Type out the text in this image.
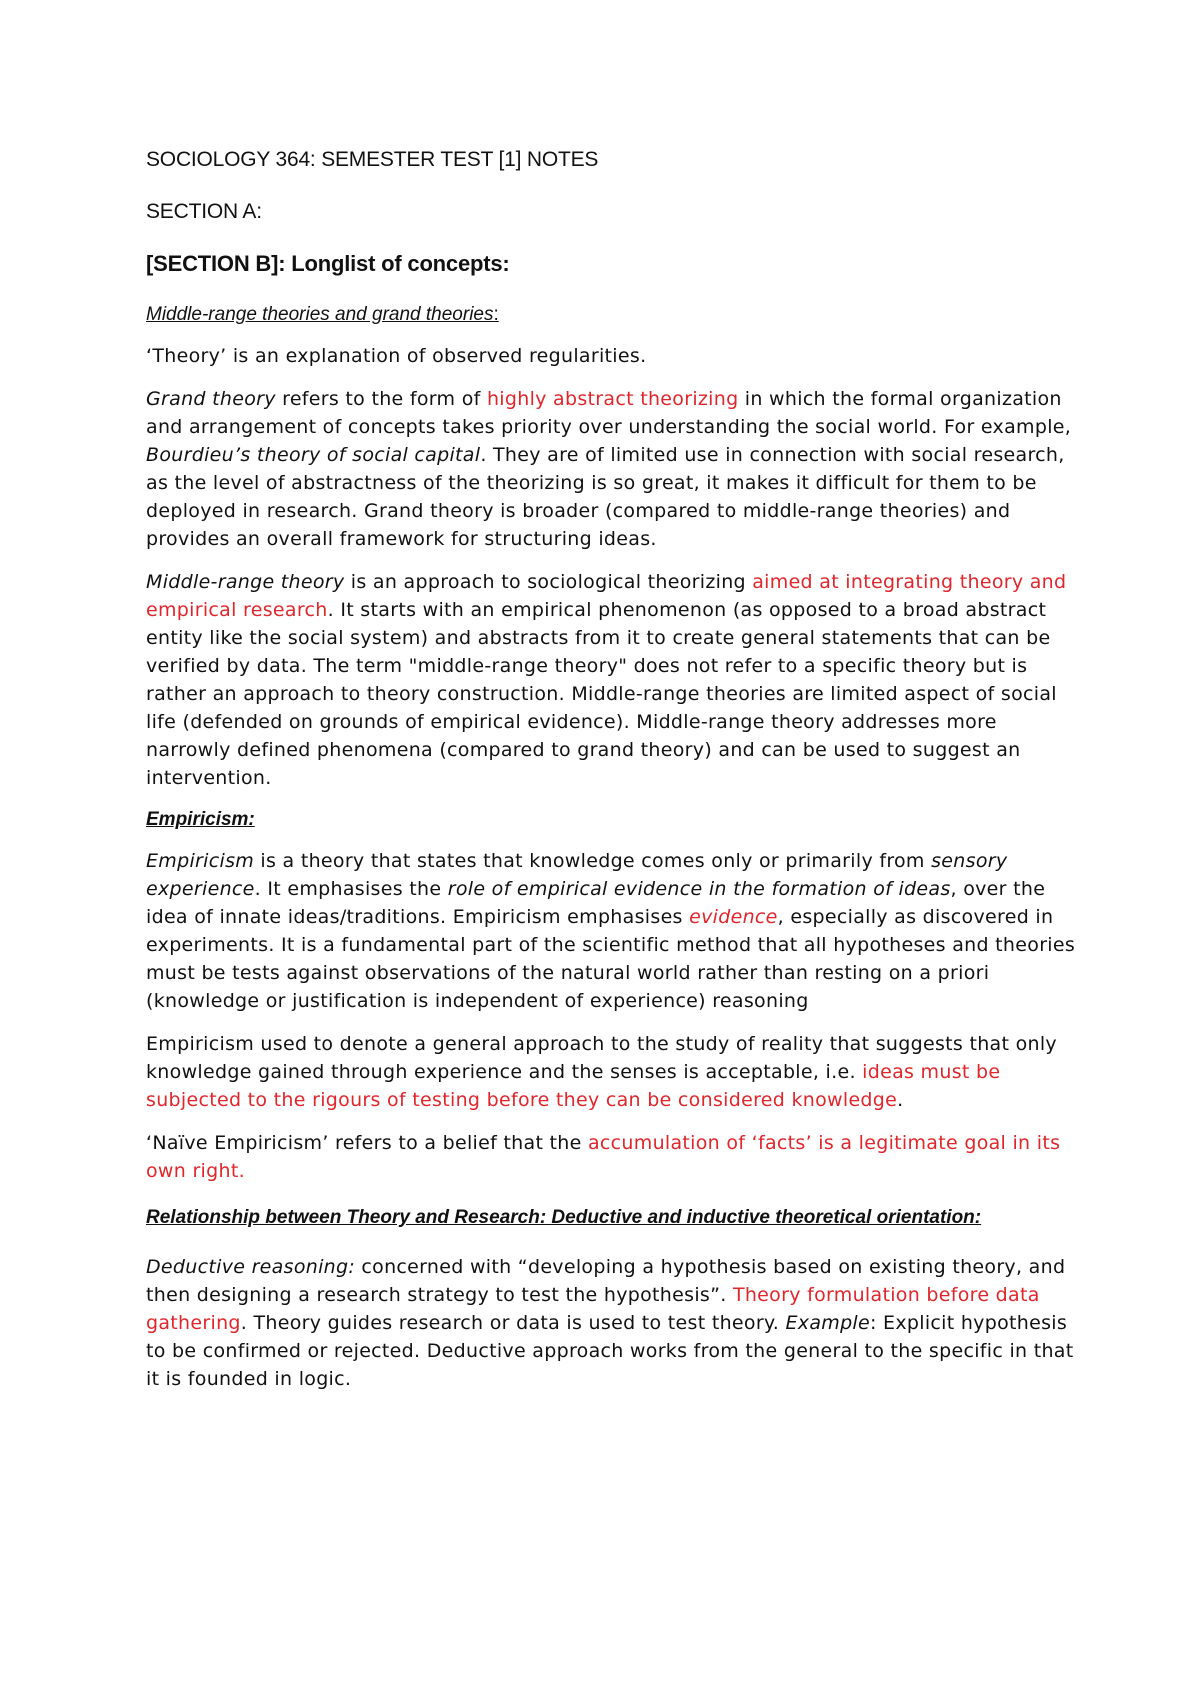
SOCIOLOGY 364: SEMESTER TEST [1] NOTES
SECTION A:
[SECTION B]: Longlist of concepts:
Middle-range theories and grand theories:

‘Theory’ is an explanation of observed regularities.

Grand theory refers to the form of highly abstract theorizing in which the formal organization and arrangement of concepts takes priority over understanding the social world. For example, Bourdieu’s theory of social capital. They are of limited use in connection with social research, as the level of abstractness of the theorizing is so great, it makes it difficult for them to be deployed in research. Grand theory is broader (compared to middle-range theories) and provides an overall framework for structuring ideas.

Middle-range theory is an approach to sociological theorizing aimed at integrating theory and empirical research. It starts with an empirical phenomenon (as opposed to a broad abstract entity like the social system) and abstracts from it to create general statements that can be verified by data. The term "middle-range theory" does not refer to a specific theory but is rather an approach to theory construction. Middle-range theories are limited aspect of social life (defended on grounds of empirical evidence). Middle-range theory addresses more narrowly defined phenomena (compared to grand theory) and can be used to suggest an intervention.

Empiricism:

Empiricism is a theory that states that knowledge comes only or primarily from sensory experience. It emphasises the role of empirical evidence in the formation of ideas, over the idea of innate ideas/traditions. Empiricism emphasises evidence, especially as discovered in experiments. It is a fundamental part of the scientific method that all hypotheses and theories must be tests against observations of the natural world rather than resting on a priori (knowledge or justification is independent of experience) reasoning

Empiricism used to denote a general approach to the study of reality that suggests that only knowledge gained through experience and the senses is acceptable, i.e. ideas must be subjected to the rigours of testing before they can be considered knowledge.

‘Naïve Empiricism’ refers to a belief that the accumulation of ‘facts’ is a legitimate goal in its own right.

Relationship between Theory and Research: Deductive and inductive theoretical orientation:

Deductive reasoning: concerned with “developing a hypothesis based on existing theory, and then designing a research strategy to test the hypothesis”. Theory formulation before data gathering. Theory guides research or data is used to test theory. Example: Explicit hypothesis to be confirmed or rejected. Deductive approach works from the general to the specific in that it is founded in logic.
